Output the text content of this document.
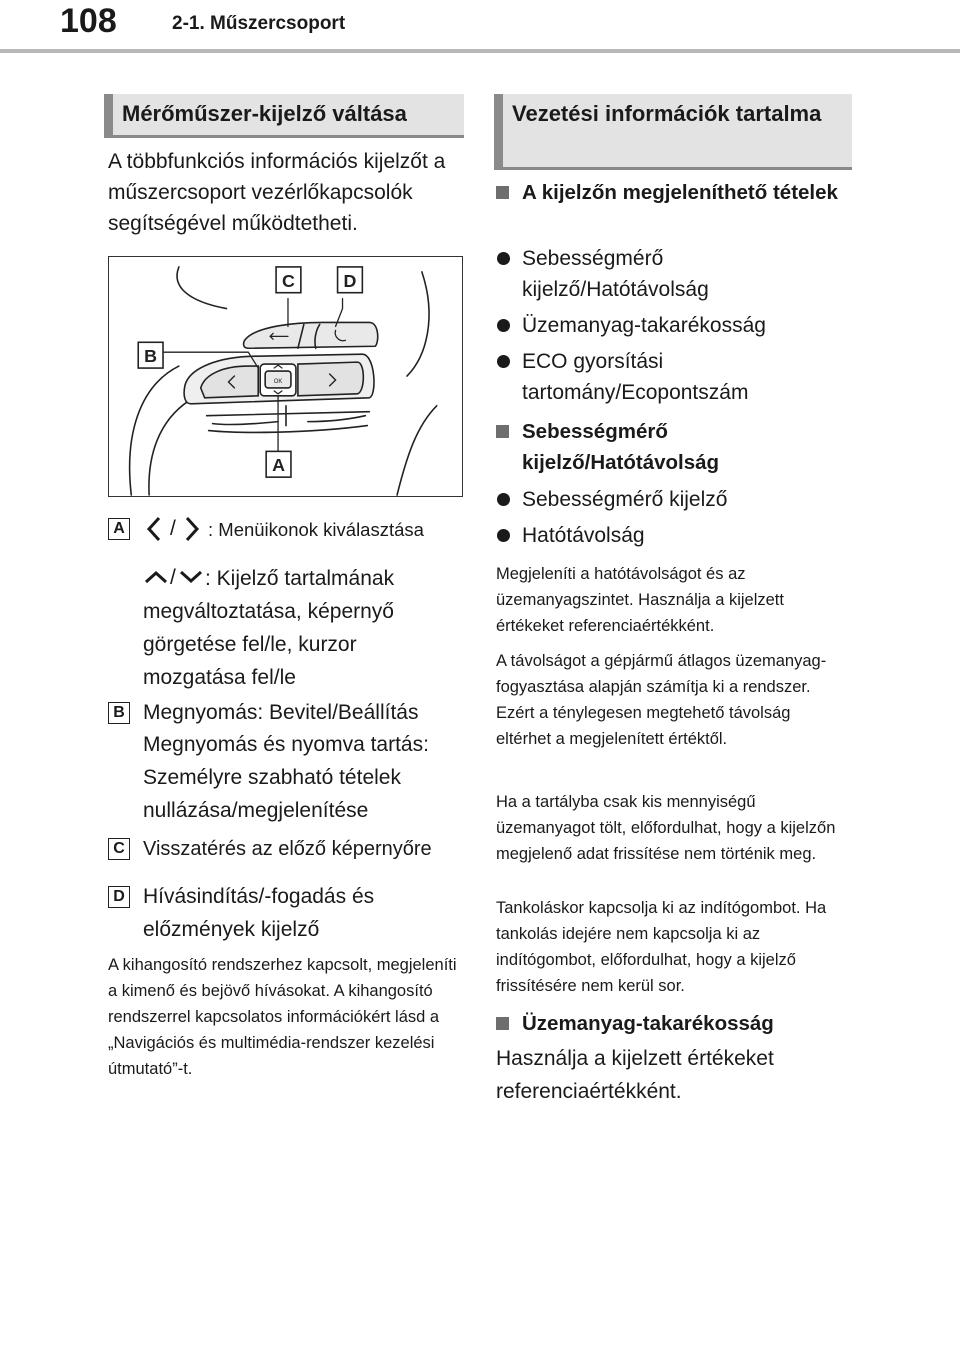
108	2-1. Műszercsoport
Mérőműszer-kijelző váltása
A többfunkciós információs kijelzőt a műszercsoport vezérlőkapcsolók segítségével működtetheti.
C	D
B
A
OK
A / : Menüikonok kiválasztása
/	: Kijelző tartalmának megváltoztatása, képernyő görgetése fel/le, kurzor mozgatása fel/le
B Megnyomás: Bevitel/Beállítás
Megnyomás és nyomva tartás: Személyre szabható tételek nullázása/megjelenítése
C Visszatérés az előző képernyőre
D Hívásindítás/-fogadás és előzmények kijelző
A kihangosító rendszerhez kapcsolt, megjeleníti a kimenő és bejövő hívásokat. A kihangosító rendszerrel kapcsolatos információkért lásd a „Navigációs és multimédia-rendszer kezelési útmutató”-t.
Vezetési információk tartalma
A kijelzőn megjeleníthető tételek
Sebességmérő kijelző/Hatótávolság
Üzemanyag-takarékosság
ECO gyorsítási tartomány/Ecopontszám
Sebességmérő kijelző/Hatótávolság
Sebességmérő kijelző
Hatótávolság
Megjeleníti a hatótávolságot és az üzemanyagszintet. Használja a kijelzett értékeket referenciaértékként.
A távolságot a gépjármű átlagos üzemanyag-fogyasztása alapján számítja ki a rendszer. Ezért a ténylegesen megtehető távolság eltérhet a megjelenített értéktől.
Ha a tartályba csak kis mennyiségű üzemanyagot tölt, előfordulhat, hogy a kijelzőn megjelenő adat frissítése nem történik meg.
Tankoláskor kapcsolja ki az indítógombot. Ha tankolás idejére nem kapcsolja ki az indítógombot, előfordulhat, hogy a kijelző frissítésére nem kerül sor.
Üzemanyag-takarékosság
Használja a kijelzett értékeket referenciaértékként.
